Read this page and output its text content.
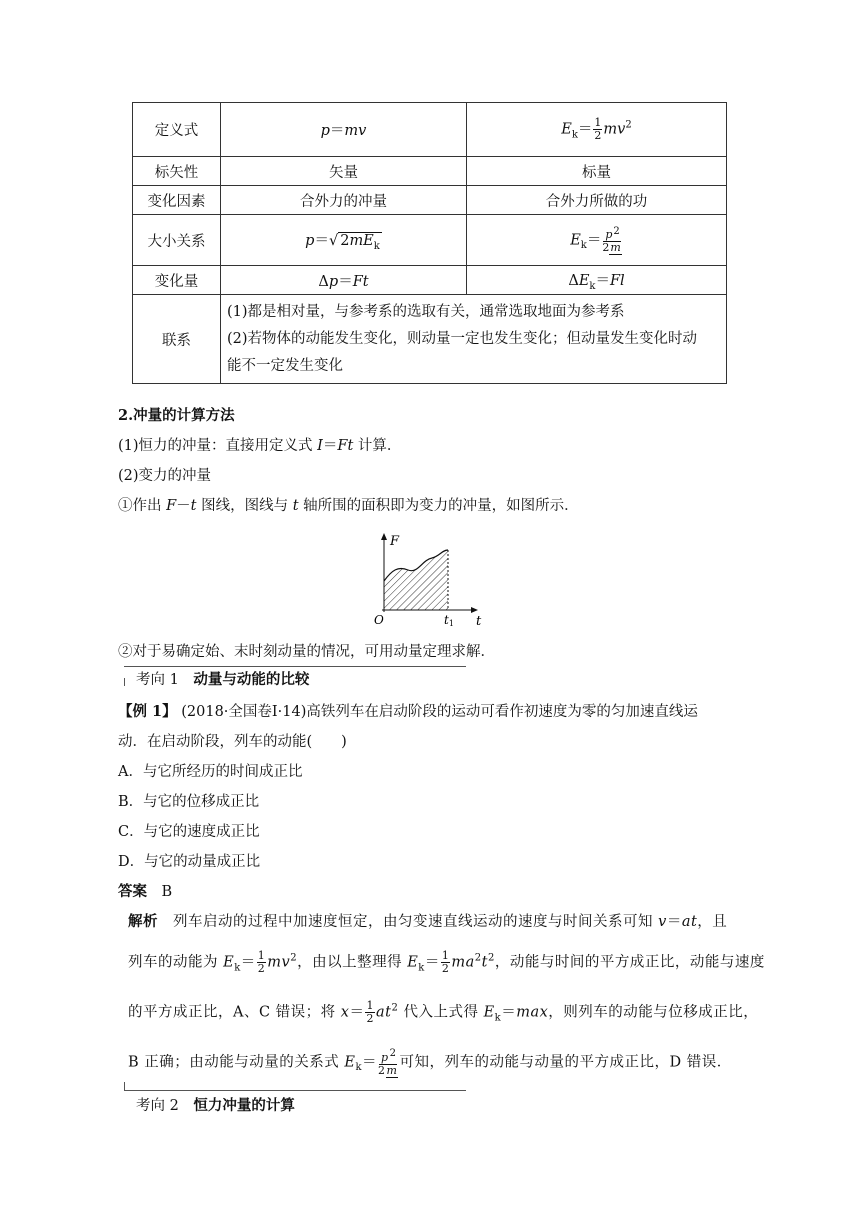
定义式	p＝mv	$E_k= \frac{1}{2} mv^2$
标矢性	矢量	标量
变化因素	合外力的冲量	合外力所做的功
大小关系	p＝√ $2mE_k$	$E_k= \frac{p^2}{2m}$

变化量	Δp＝Ft	$\Delta E_k=Fl$
联系	(1)都是相对量，与参考系的选取有关，通常选取地面为参考系
(2)若物体的动能发生变化，则动量一定也发生变化；但动量发生变化时动
能不一定发生变化	
2.冲量的计算方法
(1)恒力的冲量：直接用定义式 I＝Ft 计算．
(2)变力的冲量
①作出 F－t 图线，图线与 t 轴所围的面积即为变力的冲量，如图所示．
F
t
O	t1
②对于易确定始、末时刻动量的情况，可用动量定理求解．
考向 1　 动量与动能的比较
【例 1】 (2018·全国卷Ⅰ·14)高铁列车在启动阶段的运动可看作初速度为零的匀加速直线运
动．在启动阶段，列车的动能(　　)
A．与它所经历的时间成正比
B．与它的位移成正比
C．与它的速度成正比
D．与它的动量成正比
答案　 B
解析　 列车启动的过程中加速度恒定，由匀变速直线运动的速度与时间关系可知 v＝at，且
列车的动能为 $E_k= \frac{1}{2} mv^2$，由以上整理得 $E_k= \frac{1}{2} ma^2t^2$，动能与时间的平方成正比，动能与速度
的平方成正比，A、C 错误；将 $x= \frac{1}{2} at^2$ 代入上式得 $E_k=\max$，则列车的动能与位移成正比，
B 正确；由动能与动量的关系式 $E_k= \frac{p^2}{2m}$ 可知，列车的动能与动量的平方成正比，D 错误．
考向 2　 恒力冲量的计算
